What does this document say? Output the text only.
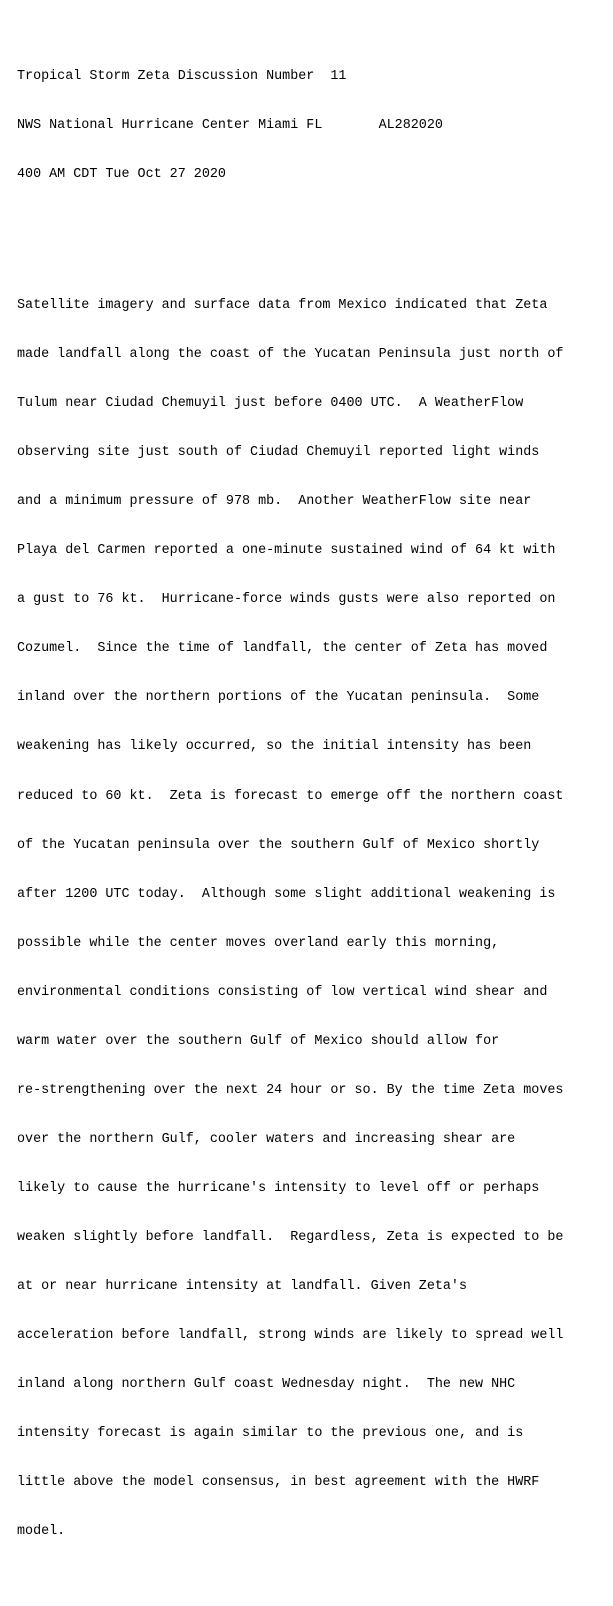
Tropical Storm Zeta Discussion Number  11

NWS National Hurricane Center Miami FL       AL282020

400 AM CDT Tue Oct 27 2020

Satellite imagery and surface data from Mexico indicated that Zeta

made landfall along the coast of the Yucatan Peninsula just north of

Tulum near Ciudad Chemuyil just before 0400 UTC.  A WeatherFlow

observing site just south of Ciudad Chemuyil reported light winds

and a minimum pressure of 978 mb.  Another WeatherFlow site near

Playa del Carmen reported a one-minute sustained wind of 64 kt with

a gust to 76 kt.  Hurricane-force winds gusts were also reported on

Cozumel.  Since the time of landfall, the center of Zeta has moved

inland over the northern portions of the Yucatan peninsula.  Some

weakening has likely occurred, so the initial intensity has been

reduced to 60 kt.  Zeta is forecast to emerge off the northern coast

of the Yucatan peninsula over the southern Gulf of Mexico shortly

after 1200 UTC today.  Although some slight additional weakening is

possible while the center moves overland early this morning,

environmental conditions consisting of low vertical wind shear and

warm water over the southern Gulf of Mexico should allow for

re-strengthening over the next 24 hour or so. By the time Zeta moves

over the northern Gulf, cooler waters and increasing shear are

likely to cause the hurricane's intensity to level off or perhaps

weaken slightly before landfall.  Regardless, Zeta is expected to be

at or near hurricane intensity at landfall. Given Zeta's

acceleration before landfall, strong winds are likely to spread well

inland along northern Gulf coast Wednesday night.  The new NHC

intensity forecast is again similar to the previous one, and is

little above the model consensus, in best agreement with the HWRF

model.
